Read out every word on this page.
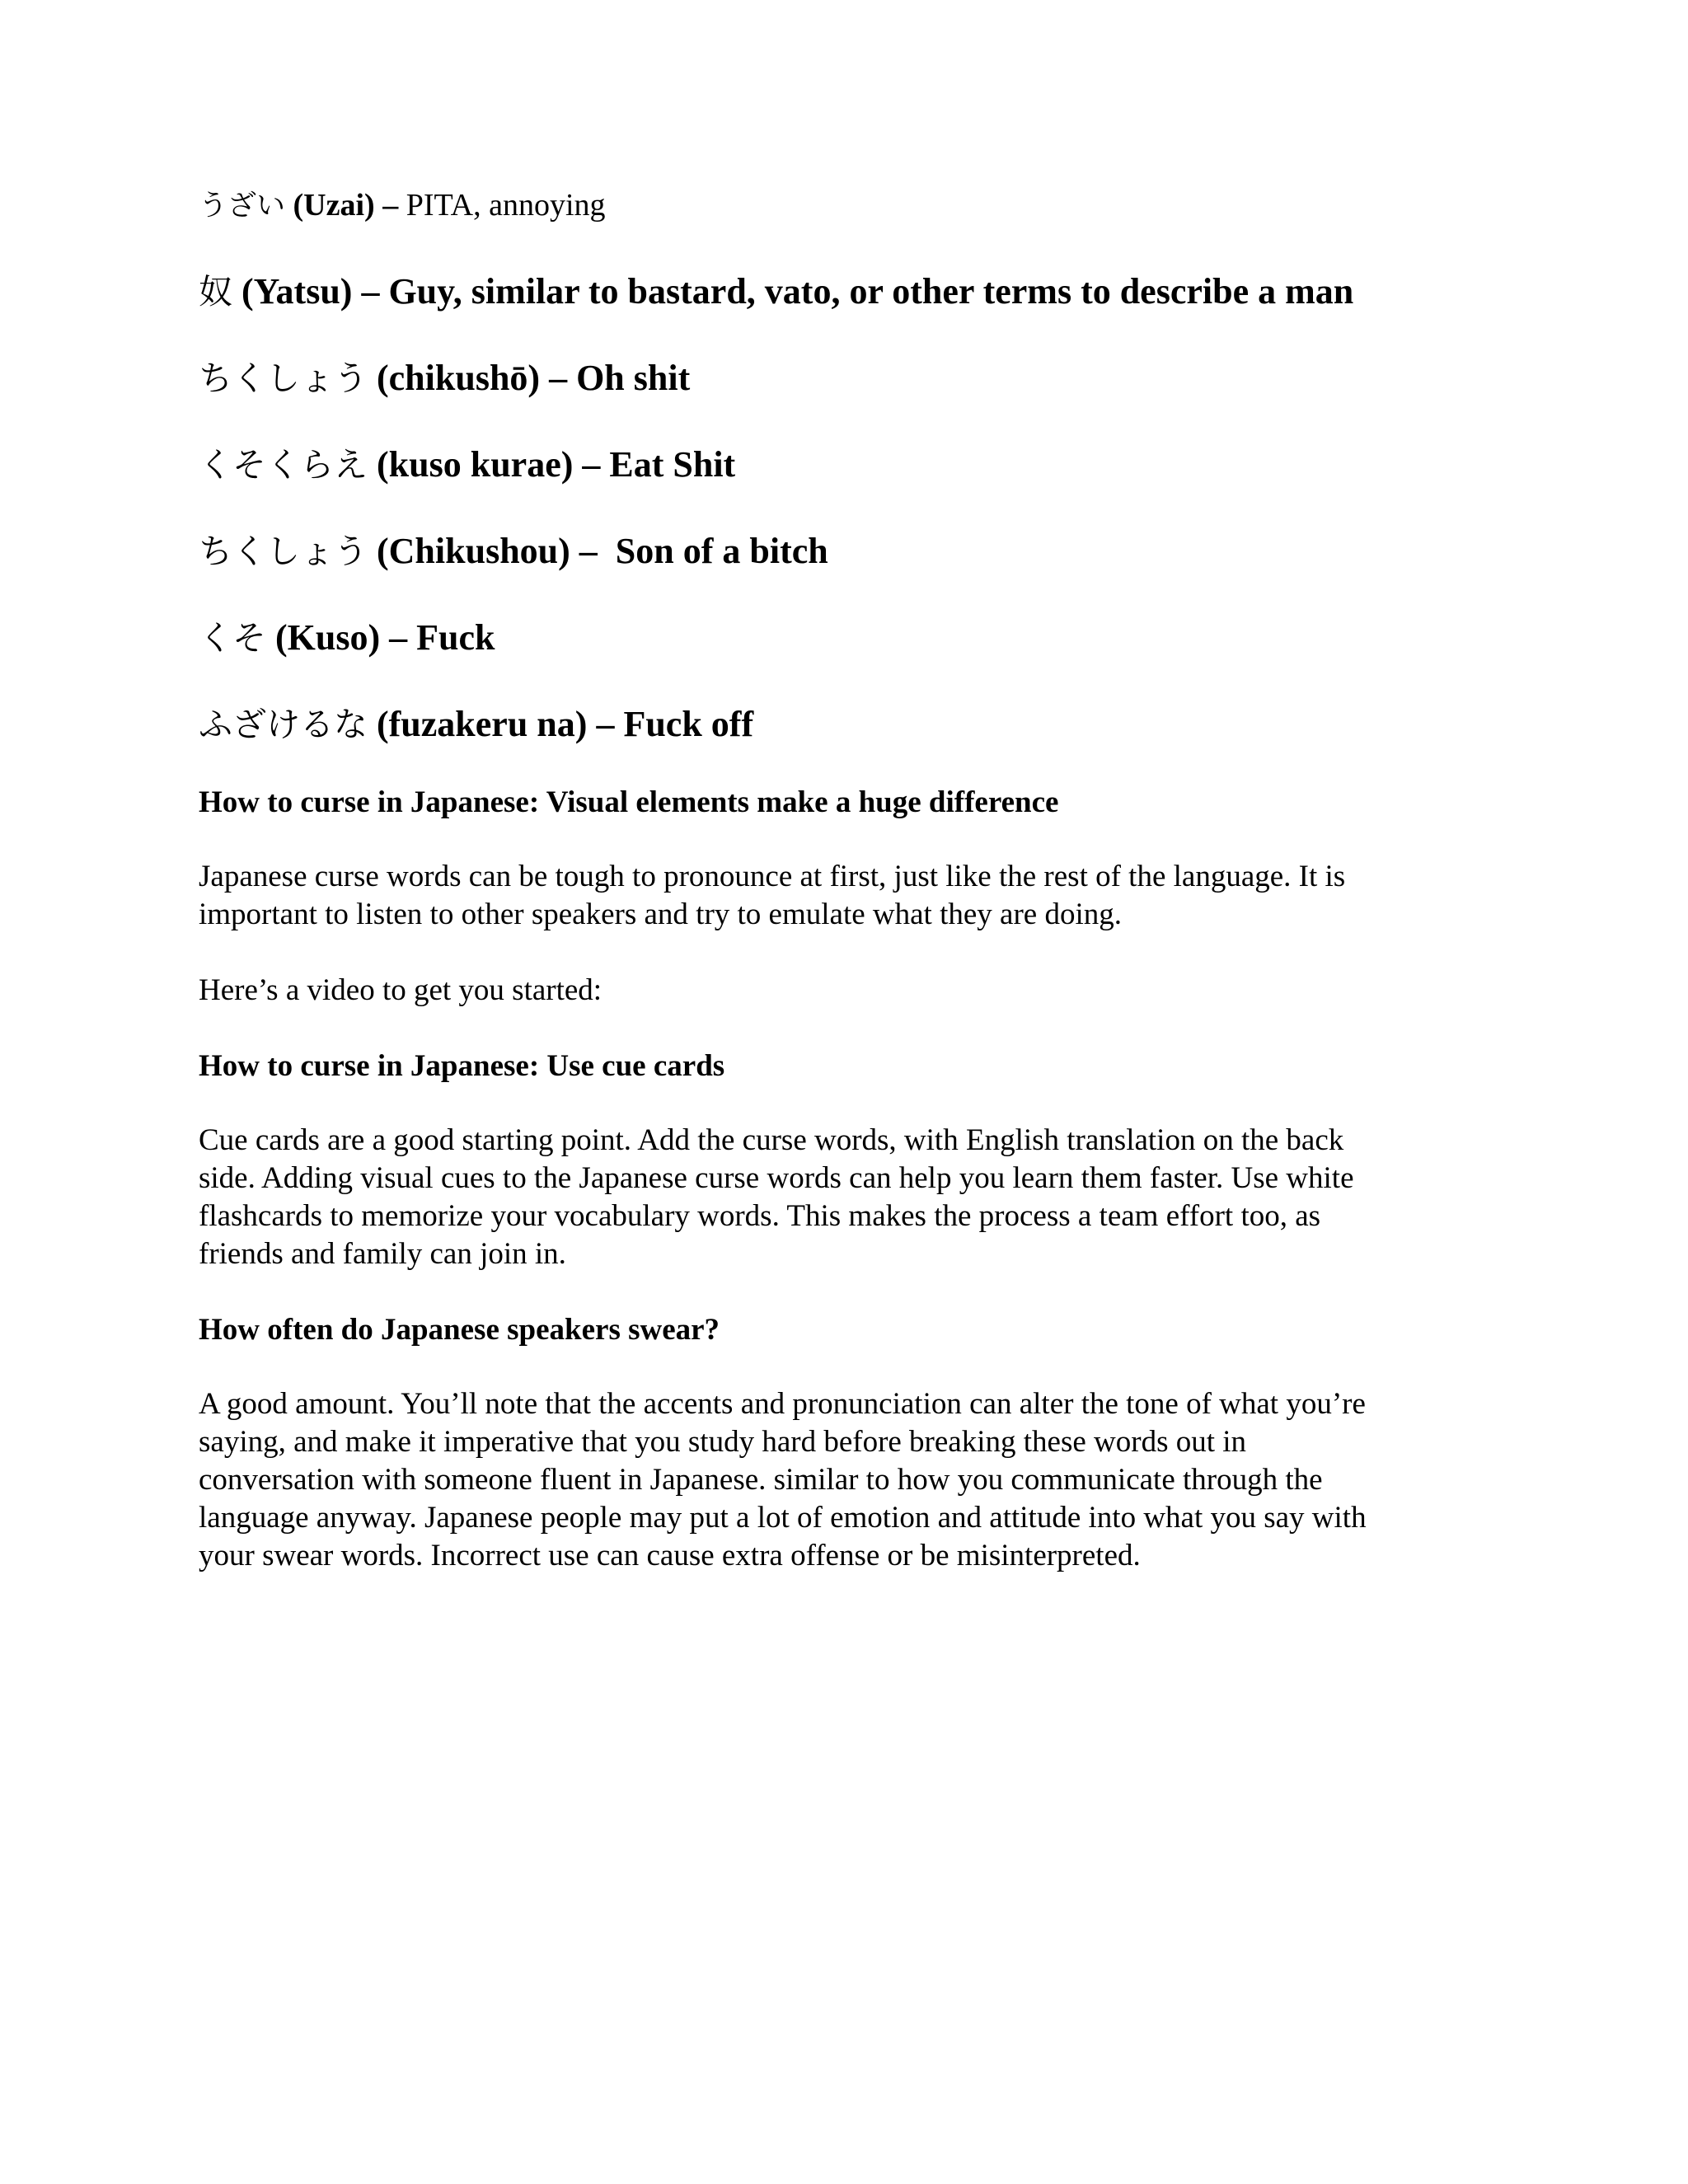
うざい (Uzai) – PITA, annoying
奴 (Yatsu) – Guy, similar to bastard, vato, or other terms to describe a man
ちくしょう (chikushō) – Oh shit
くそくらえ (kuso kurae) – Eat Shit
ちくしょう (Chikushou) –  Son of a bitch
くそ (Kuso) – Fuck
ふざけるな (fuzakeru na) – Fuck off
How to curse in Japanese: Visual elements make a huge difference

Japanese curse words can be tough to pronounce at first, just like the rest of the language. It is
important to listen to other speakers and try to emulate what they are doing.

Here’s a video to get you started:

How to curse in Japanese: Use cue cards

Cue cards are a good starting point. Add the curse words, with English translation on the back
side. Adding visual cues to the Japanese curse words can help you learn them faster. Use white
flashcards to memorize your vocabulary words. This makes the process a team effort too, as
friends and family can join in.

How often do Japanese speakers swear?

A good amount. You’ll note that the accents and pronunciation can alter the tone of what you’re
saying, and make it imperative that you study hard before breaking these words out in
conversation with someone fluent in Japanese. similar to how you communicate through the
language anyway. Japanese people may put a lot of emotion and attitude into what you say with
your swear words. Incorrect use can cause extra offense or be misinterpreted.
